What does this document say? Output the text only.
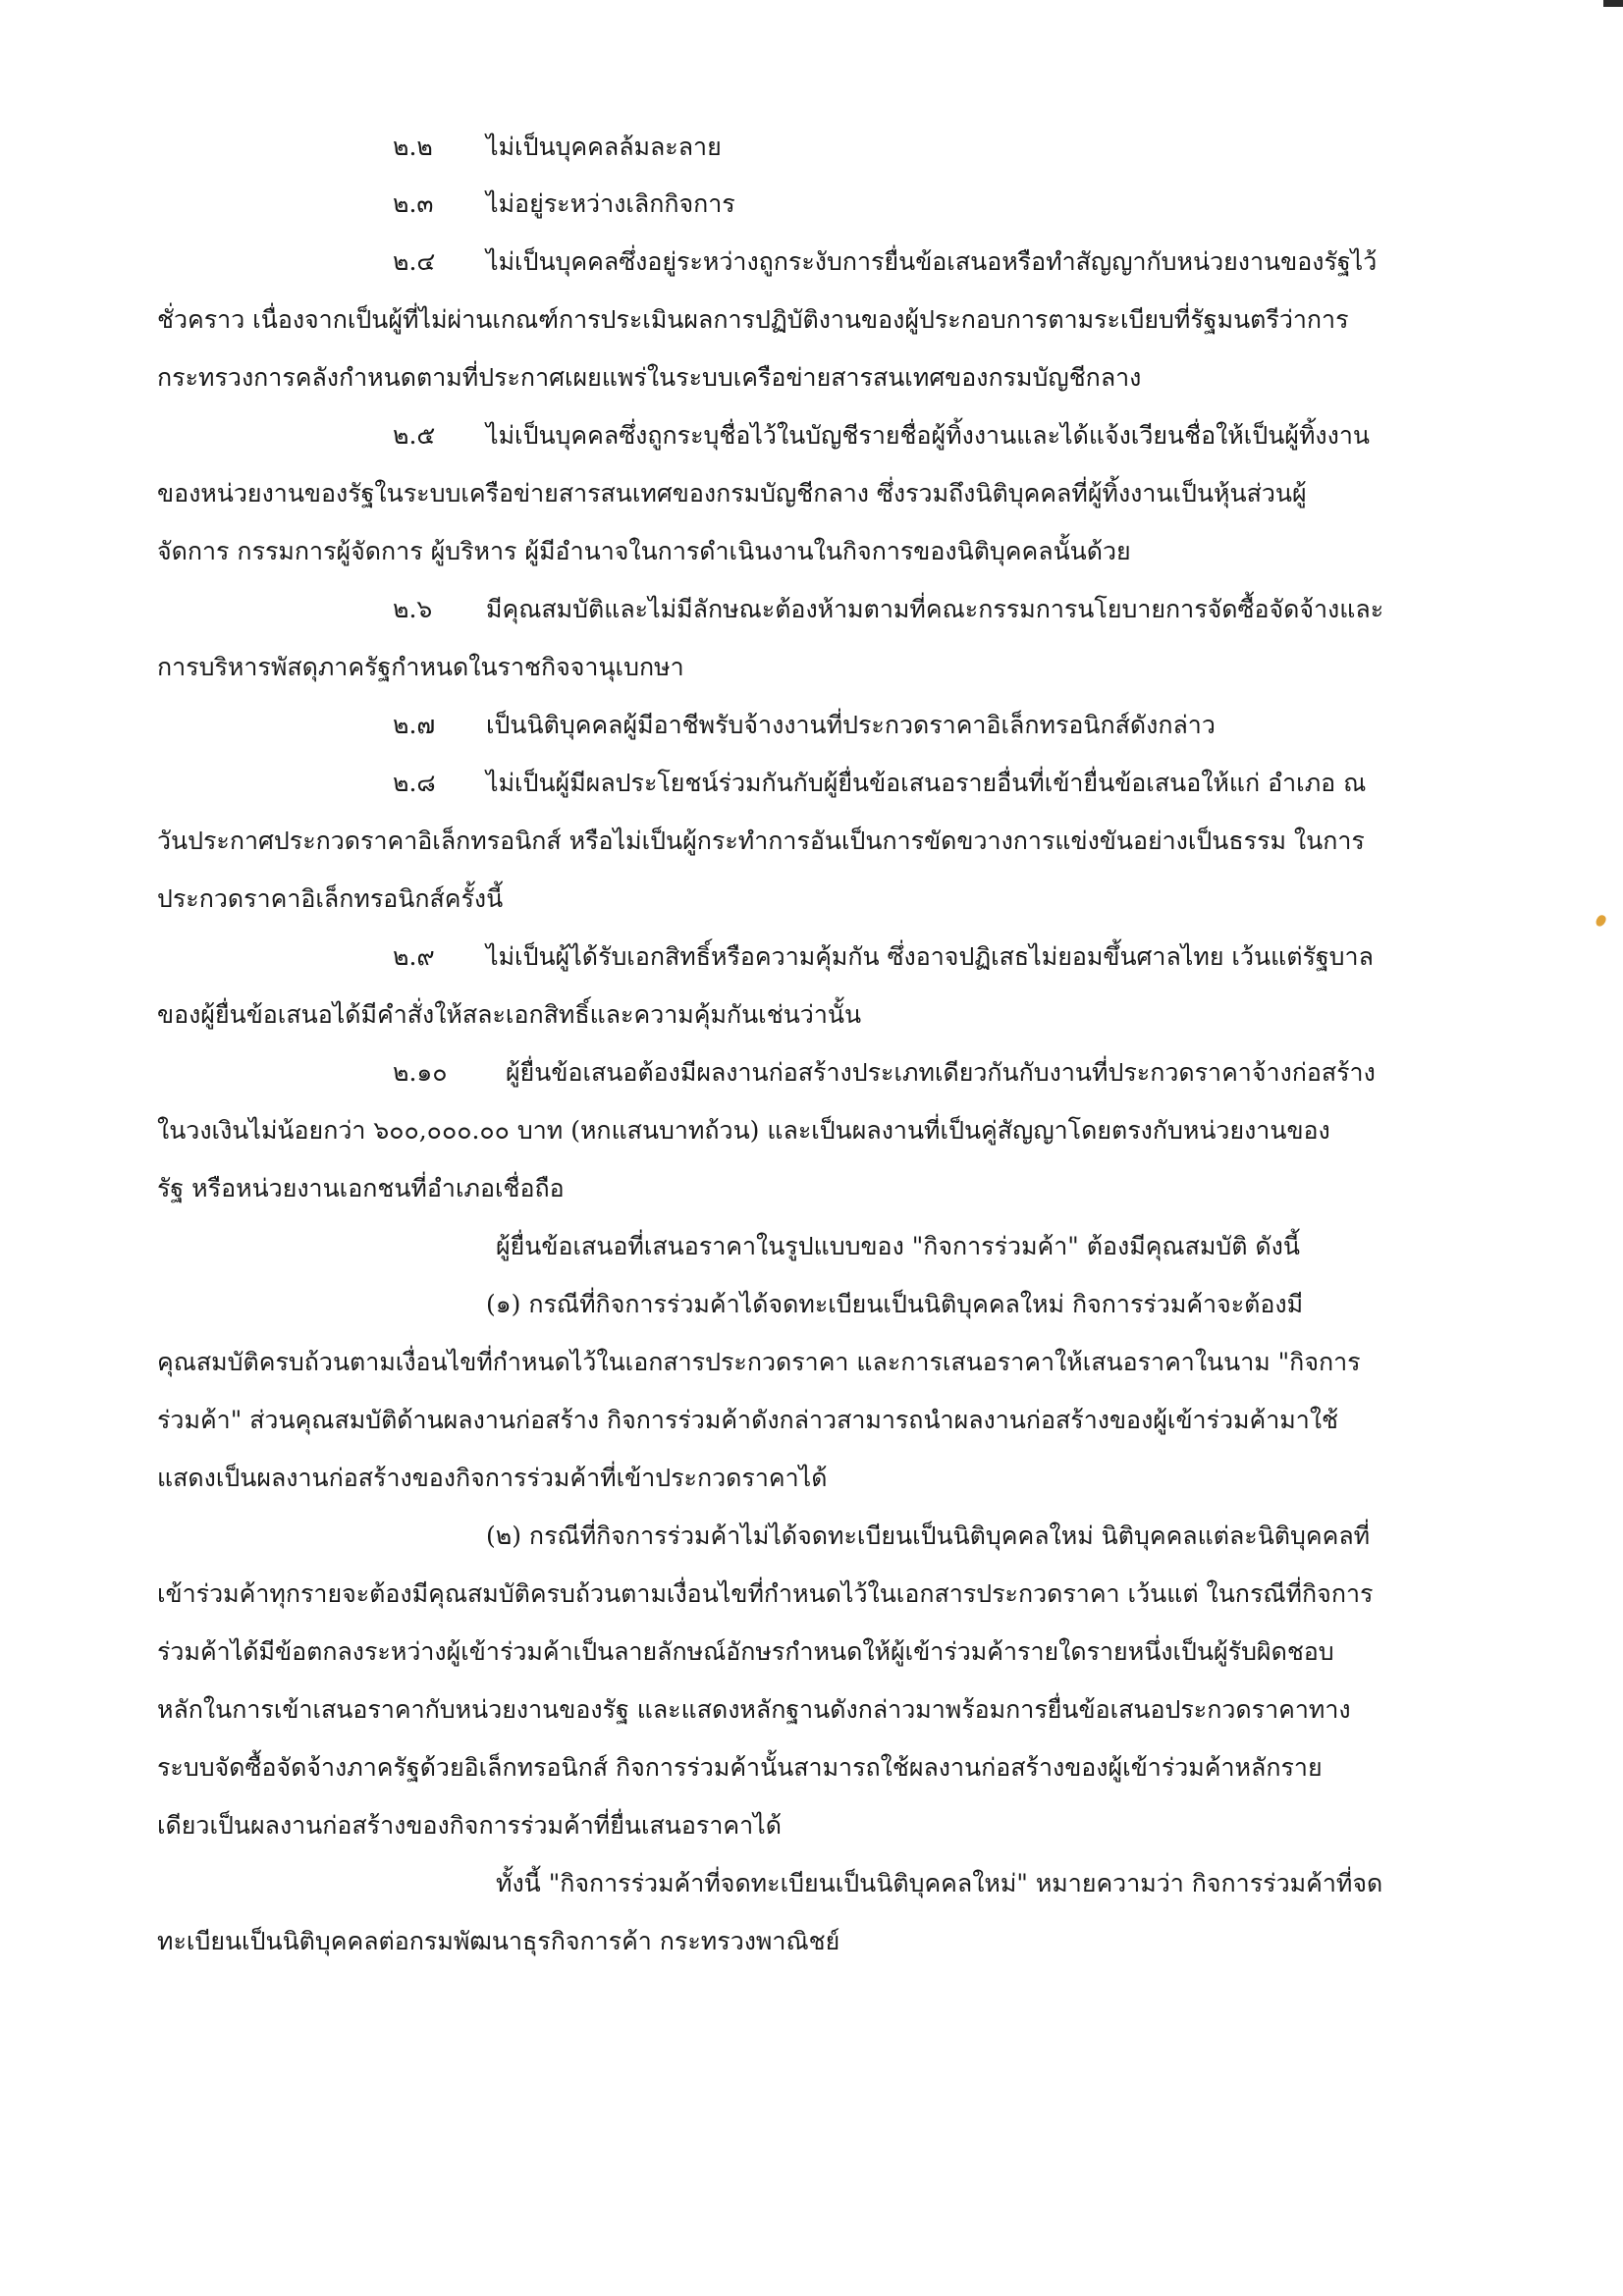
๒.๒ ไม่เป็นบุคคลล้มละลาย
๒.๓ ไม่อยู่ระหว่างเลิกกิจการ
๒.๔ ไม่เป็นบุคคลซึ่งอยู่ระหว่างถูกระงับการยื่นข้อเสนอหรือทำสัญญากับหน่วยงานของรัฐไว้
ชั่วคราว เนื่องจากเป็นผู้ที่ไม่ผ่านเกณฑ์การประเมินผลการปฏิบัติงานของผู้ประกอบการตามระเบียบที่รัฐมนตรีว่าการ
กระทรวงการคลังกำหนดตามที่ประกาศเผยแพร่ในระบบเครือข่ายสารสนเทศของกรมบัญชีกลาง
๒.๕ ไม่เป็นบุคคลซึ่งถูกระบุชื่อไว้ในบัญชีรายชื่อผู้ทิ้งงานและได้แจ้งเวียนชื่อให้เป็นผู้ทิ้งงาน
ของหน่วยงานของรัฐในระบบเครือข่ายสารสนเทศของกรมบัญชีกลาง ซึ่งรวมถึงนิติบุคคลที่ผู้ทิ้งงานเป็นหุ้นส่วนผู้
จัดการ กรรมการผู้จัดการ ผู้บริหาร ผู้มีอำนาจในการดำเนินงานในกิจการของนิติบุคคลนั้นด้วย
๒.๖ มีคุณสมบัติและไม่มีลักษณะต้องห้ามตามที่คณะกรรมการนโยบายการจัดซื้อจัดจ้างและ
การบริหารพัสดุภาครัฐกำหนดในราชกิจจานุเบกษา
๒.๗ เป็นนิติบุคคลผู้มีอาชีพรับจ้างงานที่ประกวดราคาอิเล็กทรอนิกส์ดังกล่าว
๒.๘ ไม่เป็นผู้มีผลประโยชน์ร่วมกันกับผู้ยื่นข้อเสนอรายอื่นที่เข้ายื่นข้อเสนอให้แก่ อำเภอ ณ
วันประกาศประกวดราคาอิเล็กทรอนิกส์ หรือไม่เป็นผู้กระทำการอันเป็นการขัดขวางการแข่งขันอย่างเป็นธรรม ในการ
ประกวดราคาอิเล็กทรอนิกส์ครั้งนี้
๒.๙ ไม่เป็นผู้ได้รับเอกสิทธิ์หรือความคุ้มกัน ซึ่งอาจปฏิเสธไม่ยอมขึ้นศาลไทย เว้นแต่รัฐบาล
ของผู้ยื่นข้อเสนอได้มีคำสั่งให้สละเอกสิทธิ์และความคุ้มกันเช่นว่านั้น
๒.๑๐ ผู้ยื่นข้อเสนอต้องมีผลงานก่อสร้างประเภทเดียวกันกับงานที่ประกวดราคาจ้างก่อสร้าง
ในวงเงินไม่น้อยกว่า ๖๐๐,๐๐๐.๐๐ บาท (หกแสนบาทถ้วน) และเป็นผลงานที่เป็นคู่สัญญาโดยตรงกับหน่วยงานของ
รัฐ หรือหน่วยงานเอกชนที่อำเภอเชื่อถือ
ผู้ยื่นข้อเสนอที่เสนอราคาในรูปแบบของ "กิจการร่วมค้า" ต้องมีคุณสมบัติ ดังนี้
(๑) กรณีที่กิจการร่วมค้าได้จดทะเบียนเป็นนิติบุคคลใหม่ กิจการร่วมค้าจะต้องมี
คุณสมบัติครบถ้วนตามเงื่อนไขที่กำหนดไว้ในเอกสารประกวดราคา และการเสนอราคาให้เสนอราคาในนาม "กิจการ
ร่วมค้า" ส่วนคุณสมบัติด้านผลงานก่อสร้าง กิจการร่วมค้าดังกล่าวสามารถนำผลงานก่อสร้างของผู้เข้าร่วมค้ามาใช้
แสดงเป็นผลงานก่อสร้างของกิจการร่วมค้าที่เข้าประกวดราคาได้
(๒) กรณีที่กิจการร่วมค้าไม่ได้จดทะเบียนเป็นนิติบุคคลใหม่ นิติบุคคลแต่ละนิติบุคคลที่
เข้าร่วมค้าทุกรายจะต้องมีคุณสมบัติครบถ้วนตามเงื่อนไขที่กำหนดไว้ในเอกสารประกวดราคา เว้นแต่ ในกรณีที่กิจการ
ร่วมค้าได้มีข้อตกลงระหว่างผู้เข้าร่วมค้าเป็นลายลักษณ์อักษรกำหนดให้ผู้เข้าร่วมค้ารายใดรายหนึ่งเป็นผู้รับผิดชอบ
หลักในการเข้าเสนอราคากับหน่วยงานของรัฐ และแสดงหลักฐานดังกล่าวมาพร้อมการยื่นข้อเสนอประกวดราคาทาง
ระบบจัดซื้อจัดจ้างภาครัฐด้วยอิเล็กทรอนิกส์ กิจการร่วมค้านั้นสามารถใช้ผลงานก่อสร้างของผู้เข้าร่วมค้าหลักราย
เดียวเป็นผลงานก่อสร้างของกิจการร่วมค้าที่ยื่นเสนอราคาได้
ทั้งนี้ "กิจการร่วมค้าที่จดทะเบียนเป็นนิติบุคคลใหม่" หมายความว่า กิจการร่วมค้าที่จด
ทะเบียนเป็นนิติบุคคลต่อกรมพัฒนาธุรกิจการค้า กระทรวงพาณิชย์
